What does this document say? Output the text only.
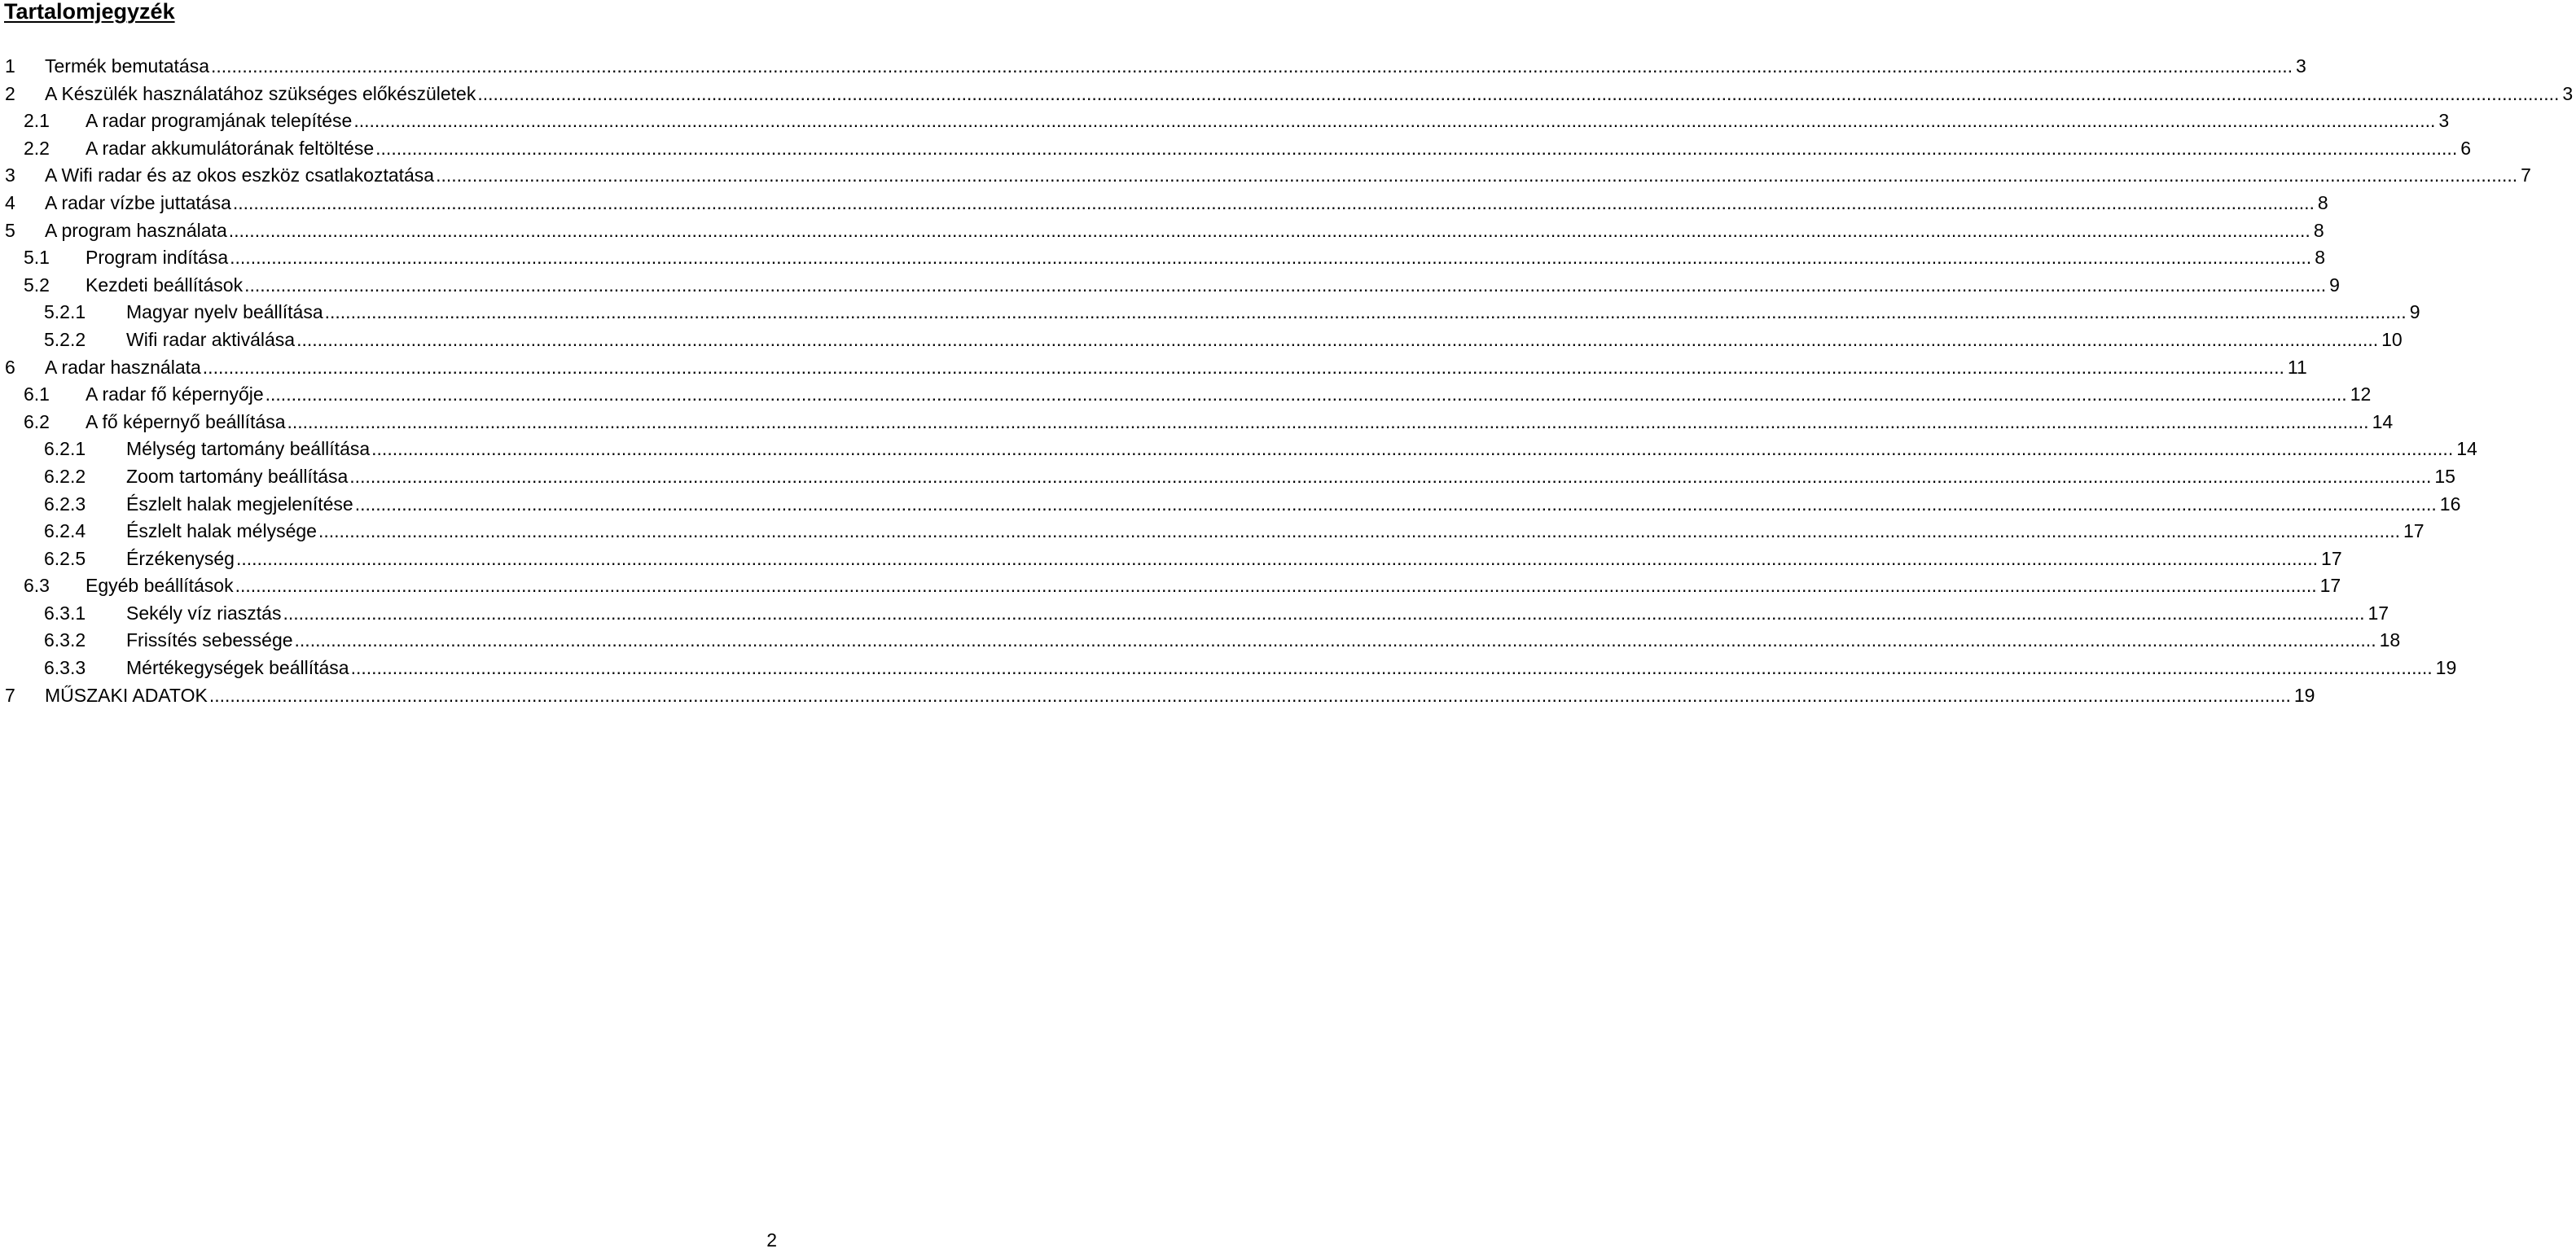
Tartalomjegyzék
1 Termék bemutatása ................................................................................................................................................................................................................................................................................................................................................................................................................ 3
2 A Készülék használatához szükséges előkészületek ................................................................................................................................................................................................................................................................................................................................................................................................................ 3
2.1 A radar programjának telepítése ................................................................................................................................................................................................................................................................................................................................................................................................................ 3
2.2 A radar akkumulátorának feltöltése ................................................................................................................................................................................................................................................................................................................................................................................................................ 6
3 A Wifi radar és az okos eszköz csatlakoztatása ................................................................................................................................................................................................................................................................................................................................................................................................................ 7
4 A radar vízbe juttatása ................................................................................................................................................................................................................................................................................................................................................................................................................ 8
5 A program használata ................................................................................................................................................................................................................................................................................................................................................................................................................ 8
5.1 Program indítása ................................................................................................................................................................................................................................................................................................................................................................................................................ 8
5.2 Kezdeti beállítások ................................................................................................................................................................................................................................................................................................................................................................................................................ 9
5.2.1 Magyar nyelv beállítása ................................................................................................................................................................................................................................................................................................................................................................................................................ 9
5.2.2 Wifi radar aktiválása ................................................................................................................................................................................................................................................................................................................................................................................................................ 10
6 A radar használata ................................................................................................................................................................................................................................................................................................................................................................................................................ 11
6.1 A radar fő képernyője ................................................................................................................................................................................................................................................................................................................................................................................................................ 12
6.2 A fő képernyő beállítása ................................................................................................................................................................................................................................................................................................................................................................................................................ 14
6.2.1 Mélység tartomány beállítása ................................................................................................................................................................................................................................................................................................................................................................................................................ 14
6.2.2 Zoom tartomány beállítása ................................................................................................................................................................................................................................................................................................................................................................................................................ 15
6.2.3 Észlelt halak megjelenítése ................................................................................................................................................................................................................................................................................................................................................................................................................ 16
6.2.4 Észlelt halak mélysége ................................................................................................................................................................................................................................................................................................................................................................................................................ 17
6.2.5 Érzékenység ................................................................................................................................................................................................................................................................................................................................................................................................................ 17
6.3 Egyéb beállítások ................................................................................................................................................................................................................................................................................................................................................................................................................ 17
6.3.1 Sekély víz riasztás ................................................................................................................................................................................................................................................................................................................................................................................................................ 17
6.3.2 Frissítés sebessége ................................................................................................................................................................................................................................................................................................................................................................................................................ 18
6.3.3 Mértékegységek beállítása ................................................................................................................................................................................................................................................................................................................................................................................................................ 19
7 MŰSZAKI ADATOK ................................................................................................................................................................................................................................................................................................................................................................................................................ 19

2
